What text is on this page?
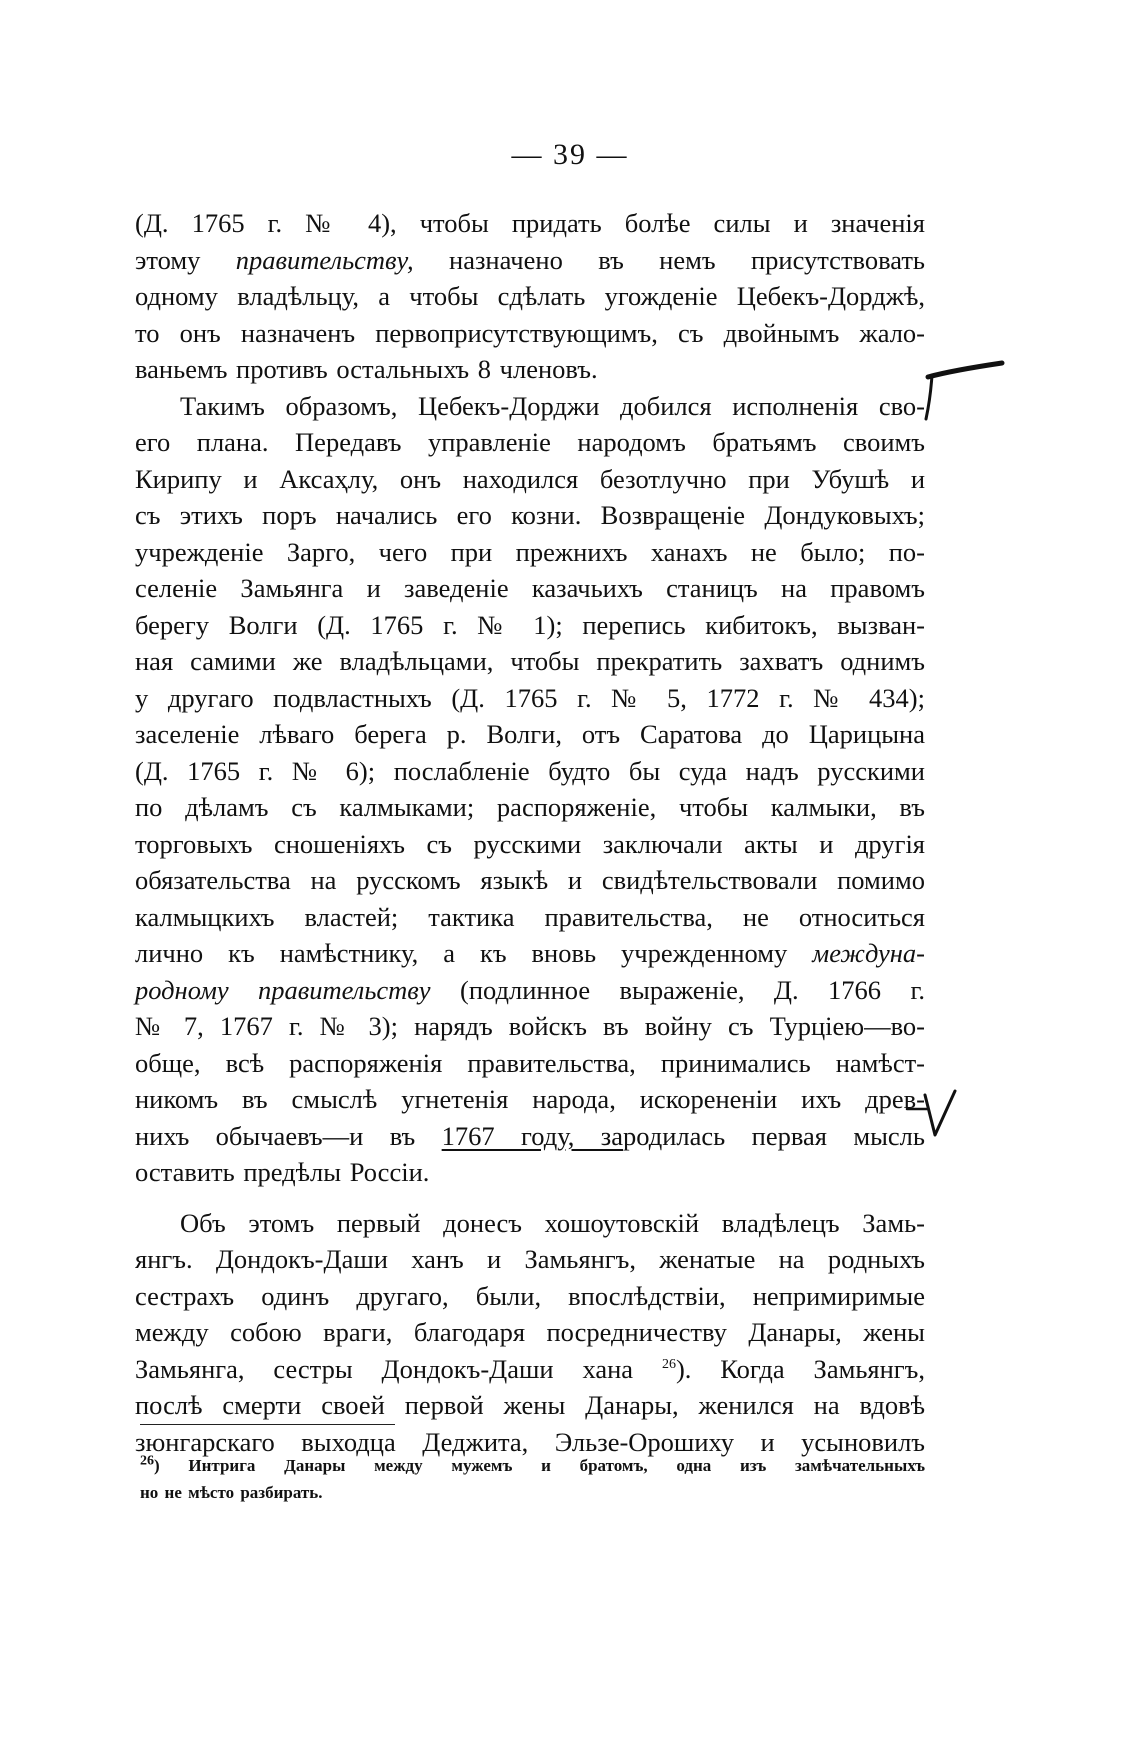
— 39 —
(Д. 1765 г. № 4), чтобы придать болѣе силы и значенія
этому правительству, назначено въ немъ присутствовать
одному владѣльцу, а чтобы сдѣлать угожденіе Цебекъ-Дорджѣ,
то онъ назначенъ первоприсутствующимъ, съ двойнымъ жало-
ваньемъ противъ остальныхъ 8 членовъ.
Такимъ образомъ, Цебекъ-Дорджи добился исполненія сво-
его плана. Передавъ управленіе народомъ братьямъ своимъ
Кирипу и Аксаҳлу, онъ находился безотлучно при Убушѣ и
съ этихъ поръ начались его козни. Возвращеніе Дондуковыхъ;
учрежденіе Зарго, чего при прежнихъ ханахъ не было; по-
селеніе Замьянга и заведеніе казачьихъ станицъ на правомъ
берегу Волги (Д. 1765 г. № 1); перепись кибитокъ, вызван-
ная самими же владѣльцами, чтобы прекратить захватъ однимъ
у другаго подвластныхъ (Д. 1765 г. № 5, 1772 г. № 434);
заселеніе лѣваго берега р. Волги, отъ Саратова до Царицына
(Д. 1765 г. № 6); послабленіе будто бы суда надъ русскими
по дѣламъ съ калмыками; распоряженіе, чтобы калмыки, въ
торговыхъ сношеніяхъ съ русскими заключали акты и другія
обязательства на русскомъ языкѣ и свидѣтельствовали помимо
калмыцкихъ властей; тактика правительства, не относиться
лично къ намѣстнику, а къ вновь учрежденному междуна-
родному правительству (подлинное выраженіе, Д. 1766 г.
№ 7, 1767 г. № 3); нарядъ войскъ въ войну съ Турціею—во-
обще, всѣ распоряженія правительства, принимались намѣст-
никомъ въ смыслѣ угнетенія народа, искорененіи ихъ древ-
нихъ обычаевъ—и въ 1767 году, зародилась первая мысль
оставить предѣлы Россіи.
Объ этомъ первый донесъ хошоутовскій владѣлецъ Замь-
янгъ. Дондокъ-Даши ханъ и Замьянгъ, женатые на родныхъ
сестрахъ одинъ другаго, были, впослѣдствіи, непримиримые
между собою враги, благодаря посредничеству Данары, жены
Замьянга, сестры Дондокъ-Даши хана $^{26}$). Когда Замьянгъ,
послѣ смерти своей первой жены Данары, женился на вдовѣ
зюнгарскаго выходца Деджита, Эльзе-Орошиху и усыновилъ
$^{26}$) Интрига Данары между мужемъ и братомъ, одна изъ замѣчательныхъ
но не мѣсто разбирать.
